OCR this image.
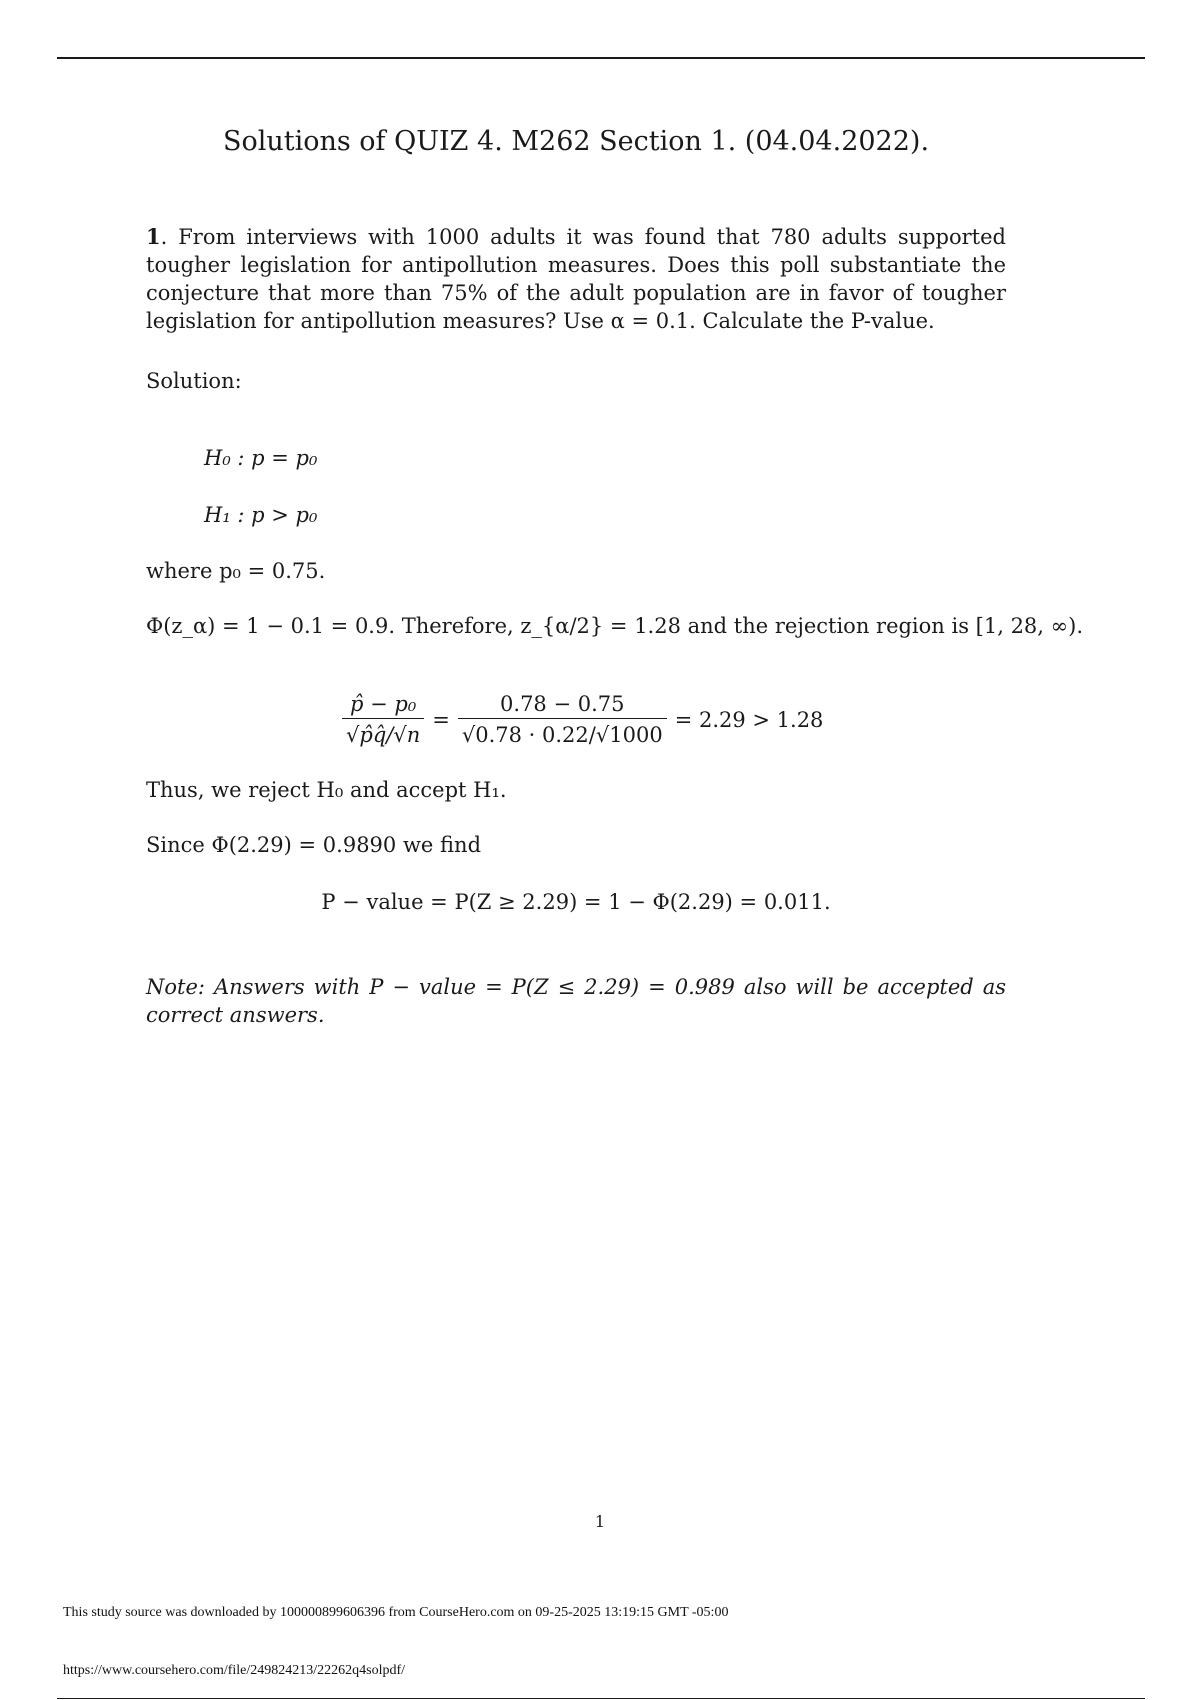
Solutions of QUIZ 4. M262 Section 1. (04.04.2022).
1. From interviews with 1000 adults it was found that 780 adults supported tougher legislation for antipollution measures. Does this poll substantiate the conjecture that more than 75% of the adult population are in favor of tougher legislation for antipollution measures? Use α = 0.1. Calculate the P-value.
Solution:
H₀ : p = p₀
H₁ : p > p₀
where p₀ = 0.75.
Φ(z_α) = 1 − 0.1 = 0.9. Therefore, z_{α/2} = 1.28 and the rejection region is [1, 28, ∞).
$\frac{\text{p̂ − p₀}}{√p̂q̂/√n} = \frac{0.78 - 0.75}{√0.78 \cdot 0.22/√1000} = 2.29 > 1.28$
Thus, we reject H₀ and accept H₁.
Since Φ(2.29) = 0.9890 we find
P − value = P(Z ≥ 2.29) = 1 − Φ(2.29) = 0.011.
Note: Answers with P − value = P(Z ≤ 2.29) = 0.989 also will be accepted as correct answers.
1
This study source was downloaded by 100000899606396 from CourseHero.com on 09-25-2025 13:19:15 GMT -05:00
https://www.coursehero.com/file/249824213/22262q4solpdf/
